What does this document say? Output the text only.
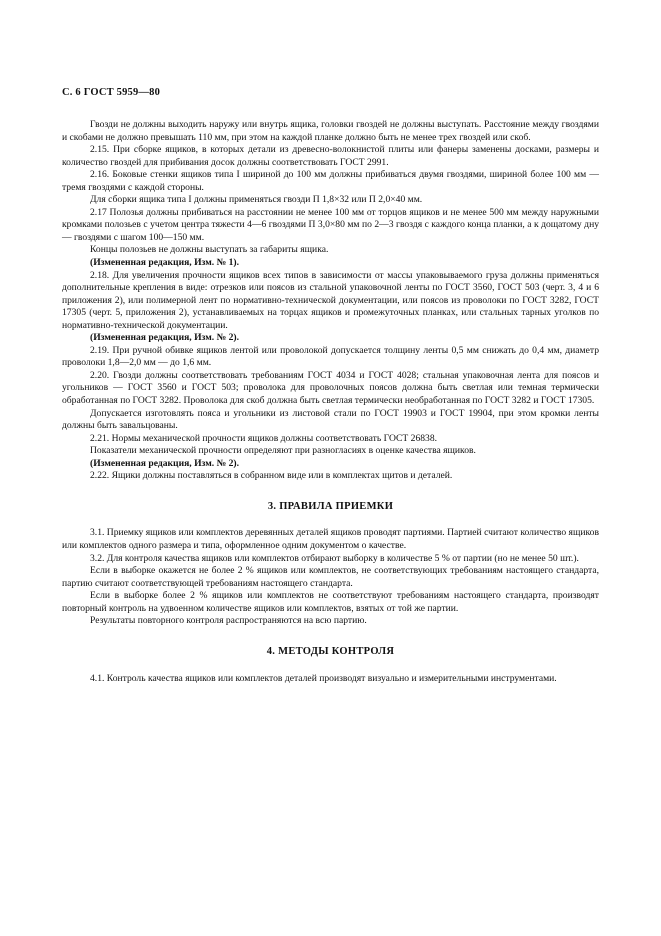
С. 6 ГОСТ 5959—80

Гвозди не должны выходить наружу или внутрь ящика, головки гвоздей не должны выступать. Расстояние между гвоздями и скобами не должно превышать 110 мм, при этом на каждой планке должно быть не менее трех гвоздей или скоб.

2.15. При сборке ящиков, в которых детали из древесно-волокнистой плиты или фанеры заменены досками, размеры и количество гвоздей для прибивания досок должны соответствовать ГОСТ 2991.

2.16. Боковые стенки ящиков типа I шириной до 100 мм должны прибиваться двумя гвоздями, шириной более 100 мм — тремя гвоздями с каждой стороны.

Для сборки ящика типа I должны применяться гвозди П 1,8×32 или П 2,0×40 мм.

2.17 Полозья должны прибиваться на расстоянии не менее 100 мм от торцов ящиков и не менее 500 мм между наружными кромками полозьев с учетом центра тяжести 4—6 гвоздями П 3,0×80 мм по 2—3 гвоздя с каждого конца планки, а к дощатому дну — гвоздями с шагом 100—150 мм.

Концы полозьев не должны выступать за габариты ящика.

(Измененная редакция, Изм. № 1).

2.18. Для увеличения прочности ящиков всех типов в зависимости от массы упаковываемого груза должны применяться дополнительные крепления в виде: отрезков или поясов из стальной упаковочной ленты по ГОСТ 3560, ГОСТ 503 (черт. 3, 4 и 6 приложения 2), или полимерной лент по нормативно-технической документации, или поясов из проволоки по ГОСТ 3282, ГОСТ 17305 (черт. 5, приложения 2), устанавливаемых на торцах ящиков и промежуточных планках, или стальных тарных уголков по нормативно-технической документации.

(Измененная редакция, Изм. № 2).

2.19. При ручной обивке ящиков лентой или проволокой допускается толщину ленты 0,5 мм снижать до 0,4 мм, диаметр проволоки 1,8—2,0 мм — до 1,6 мм.

2.20. Гвозди должны соответствовать требованиям ГОСТ 4034 и ГОСТ 4028; стальная упаковочная лента для поясов и угольников — ГОСТ 3560 и ГОСТ 503; проволока для проволочных поясов должна быть светлая или темная термически обработанная по ГОСТ 3282. Проволока для скоб должна быть светлая термически необработанная по ГОСТ 3282 и ГОСТ 17305.

Допускается изготовлять пояса и угольники из листовой стали по ГОСТ 19903 и ГОСТ 19904, при этом кромки ленты должны быть завальцованы.

2.21. Нормы механической прочности ящиков должны соответствовать ГОСТ 26838.

Показатели механической прочности определяют при разногласиях в оценке качества ящиков.

(Измененная редакция, Изм. № 2).

2.22. Ящики должны поставляться в собранном виде или в комплектах щитов и деталей.

3. ПРАВИЛА ПРИЕМКИ

3.1. Приемку ящиков или комплектов деревянных деталей ящиков проводят партиями. Партией считают количество ящиков или комплектов одного размера и типа, оформленное одним документом о качестве.

3.2. Для контроля качества ящиков или комплектов отбирают выборку в количестве 5 % от партии (но не менее 50 шт.).

Если в выборке окажется не более 2 % ящиков или комплектов, не соответствующих требованиям настоящего стандарта, партию считают соответствующей требованиям настоящего стандарта.

Если в выборке более 2 % ящиков или комплектов не соответствуют требованиям настоящего стандарта, производят повторный контроль на удвоенном количестве ящиков или комплектов, взятых от той же партии.

Результаты повторного контроля распространяются на всю партию.

4. МЕТОДЫ КОНТРОЛЯ

4.1. Контроль качества ящиков или комплектов деталей производят визуально и измерительными инструментами.
